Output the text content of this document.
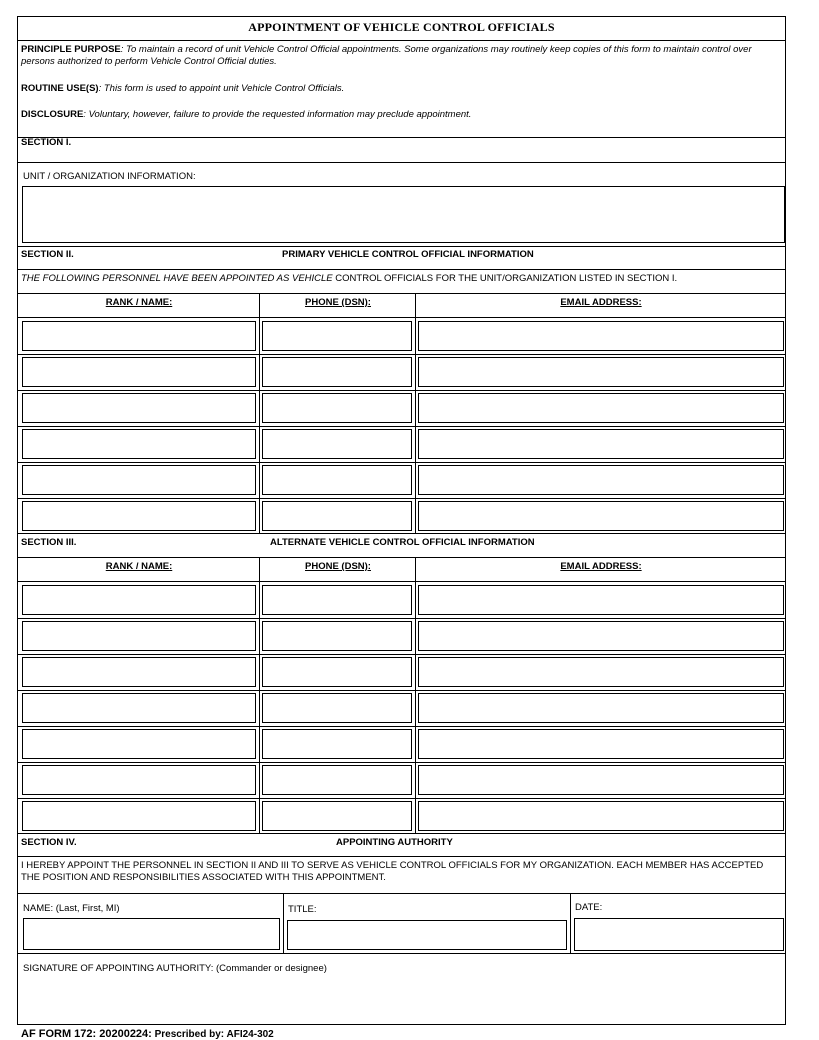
APPOINTMENT OF VEHICLE CONTROL OFFICIALS
PRINCIPLE PURPOSE: To maintain a record of unit Vehicle Control Official appointments. Some organizations may routinely keep copies of this form to maintain control over persons authorized to perform Vehicle Control Official duties.
ROUTINE USE(S): This form is used to appoint unit Vehicle Control Officials.
DISCLOSURE: Voluntary, however, failure to provide the requested information may preclude appointment.
SECTION I.
UNIT / ORGANIZATION INFORMATION:
SECTION II.	PRIMARY VEHICLE CONTROL OFFICIAL INFORMATION
THE FOLLOWING PERSONNEL HAVE BEEN APPOINTED AS VEHICLE CONTROL OFFICIALS FOR THE UNIT/ORGANIZATION LISTED IN SECTION I.
RANK / NAME:	PHONE (DSN):	EMAIL ADDRESS:
SECTION III.	ALTERNATE VEHICLE CONTROL OFFICIAL INFORMATION
RANK / NAME:	PHONE (DSN):	EMAIL ADDRESS:
SECTION IV.	APPOINTING AUTHORITY
I HEREBY APPOINT THE PERSONNEL IN SECTION II AND III TO SERVE AS VEHICLE CONTROL OFFICIALS FOR MY ORGANIZATION. EACH MEMBER HAS ACCEPTED THE POSITION AND RESPONSIBILITIES ASSOCIATED WITH THIS APPOINTMENT.
NAME: (Last, First, MI)	TITLE:	DATE:
SIGNATURE OF APPOINTING AUTHORITY: (Commander or designee)
AF FORM 172: 20200224: Prescribed by: AFI24-302
